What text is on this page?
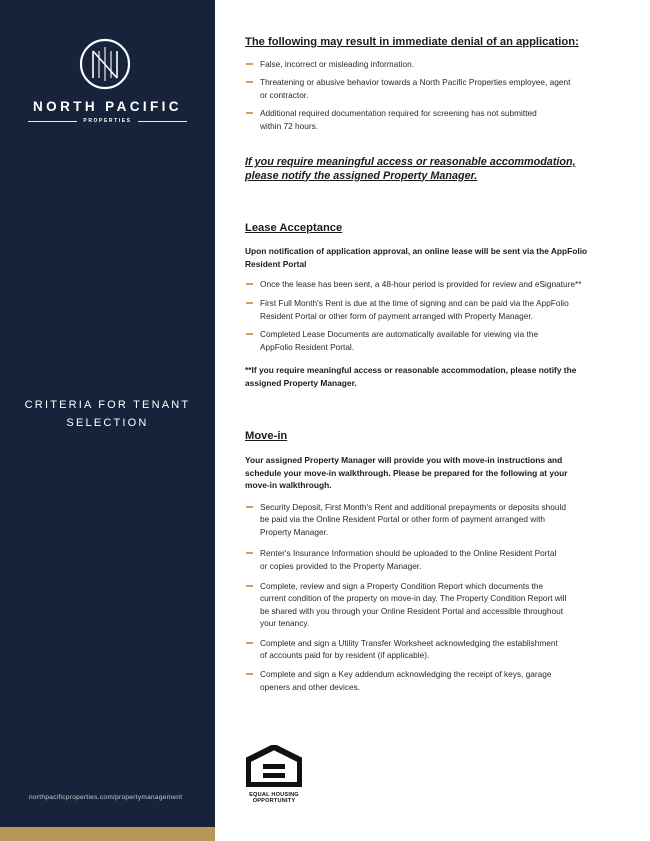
NORTH PACIFIC
PROPERTIES
CRITERIA FOR TENANT
SELECTION
northpacificproperties.com/propertymanagement

The following may result in immediate denial of an application:

False, incorrect or misleading information.
Threatening or abusive behavior towards a North Pacific Properties employee, agent
or contractor.
Additional required documentation required for screening has not submitted
within 72 hours.
If you require meaningful access or reasonable accommodation,
please notify the assigned Property Manager.

Lease Acceptance

Upon notification of application approval, an online lease will be sent via the AppFolio
Resident Portal
Once the lease has been sent, a 48-hour period is provided for review and eSignature**
First Full Month's Rent is due at the time of signing and can be paid via the AppFolio
Resident Portal or other form of payment arranged with Property Manager.
Completed Lease Documents are automatically available for viewing via the
AppFolio Resident Portal.
**If you require meaningful access or reasonable accommodation, please notify the
assigned Property Manager.

Move-in

Your assigned Property Manager will provide you with move-in instructions and
schedule your move-in walkthrough. Please be prepared for the following at your
move-in walkthrough.
Security Deposit, First Month's Rent and additional prepayments or deposits should
be paid via the Online Resident Portal or other form of payment arranged with
Property Manager.
Renter's Insurance Information should be uploaded to the Online Resident Portal
or copies provided to the Property Manager.
Complete, review and sign a Property Condition Report which documents the
current condition of the property on move-in day. The Property Condition Report will
be shared with you through your Online Resident Portal and accessible throughout
your tenancy.
Complete and sign a Utility Transfer Worksheet acknowledging the establishment
of accounts paid for by resident (if applicable).
Complete and sign a Key addendum acknowledging the receipt of keys, garage
openers and other devices.
EQUAL HOUSING
OPPORTUNITY
